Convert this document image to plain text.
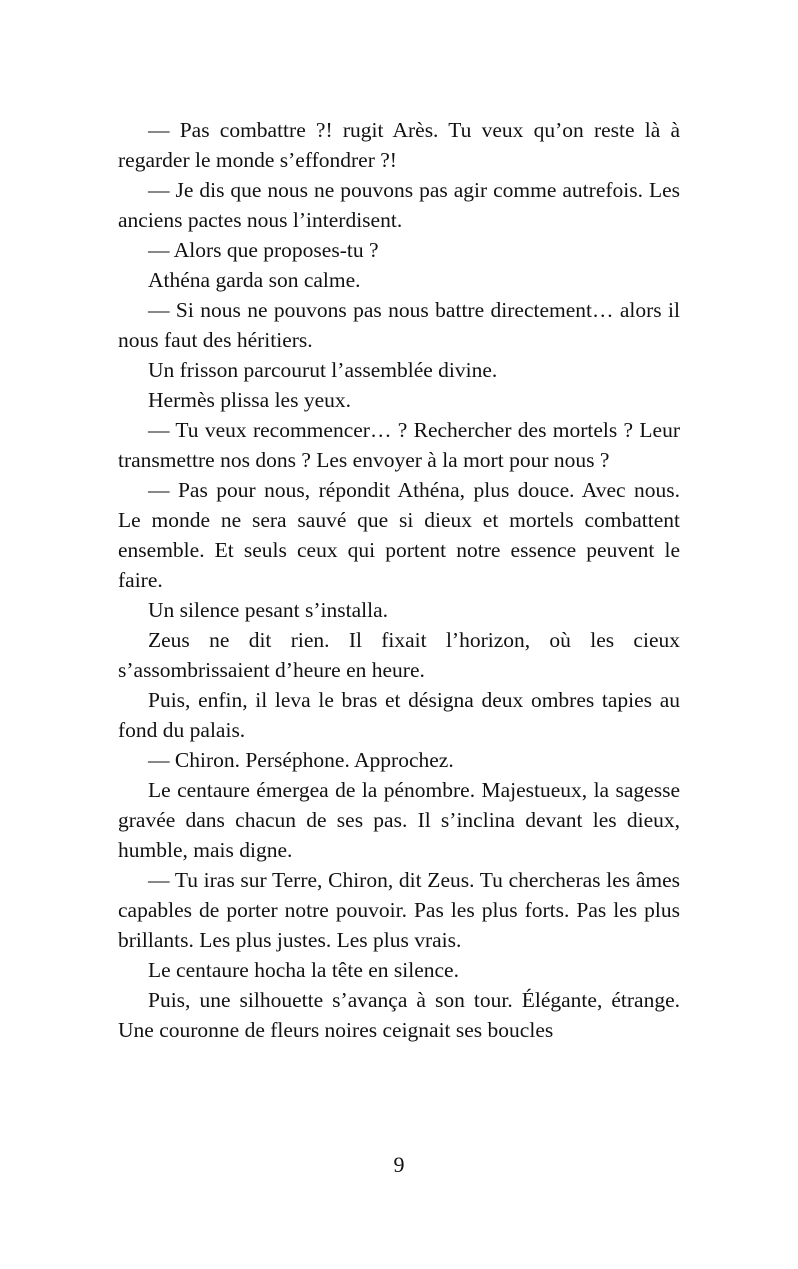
— Pas combattre ?! rugit Arès. Tu veux qu’on reste là à regarder le monde s’effondrer ?!

— Je dis que nous ne pouvons pas agir comme autrefois. Les anciens pactes nous l’interdisent.

— Alors que proposes-tu ?

Athéna garda son calme.

— Si nous ne pouvons pas nous battre directement… alors il nous faut des héritiers.

Un frisson parcourut l’assemblée divine.

Hermès plissa les yeux.

— Tu veux recommencer… ? Rechercher des mortels ? Leur transmettre nos dons ? Les envoyer à la mort pour nous ?

— Pas pour nous, répondit Athéna, plus douce. Avec nous. Le monde ne sera sauvé que si dieux et mortels combattent ensemble. Et seuls ceux qui portent notre essence peuvent le faire.

Un silence pesant s’installa.

Zeus ne dit rien. Il fixait l’horizon, où les cieux s’assombrissaient d’heure en heure.

Puis, enfin, il leva le bras et désigna deux ombres tapies au fond du palais.

— Chiron. Perséphone. Approchez.

Le centaure émergea de la pénombre. Majestueux, la sagesse gravée dans chacun de ses pas. Il s’inclina devant les dieux, humble, mais digne.

— Tu iras sur Terre, Chiron, dit Zeus. Tu chercheras les âmes capables de porter notre pouvoir. Pas les plus forts. Pas les plus brillants. Les plus justes. Les plus vrais.

Le centaure hocha la tête en silence.

Puis, une silhouette s’avança à son tour. Élégante, étrange. Une couronne de fleurs noires ceignait ses boucles

9
